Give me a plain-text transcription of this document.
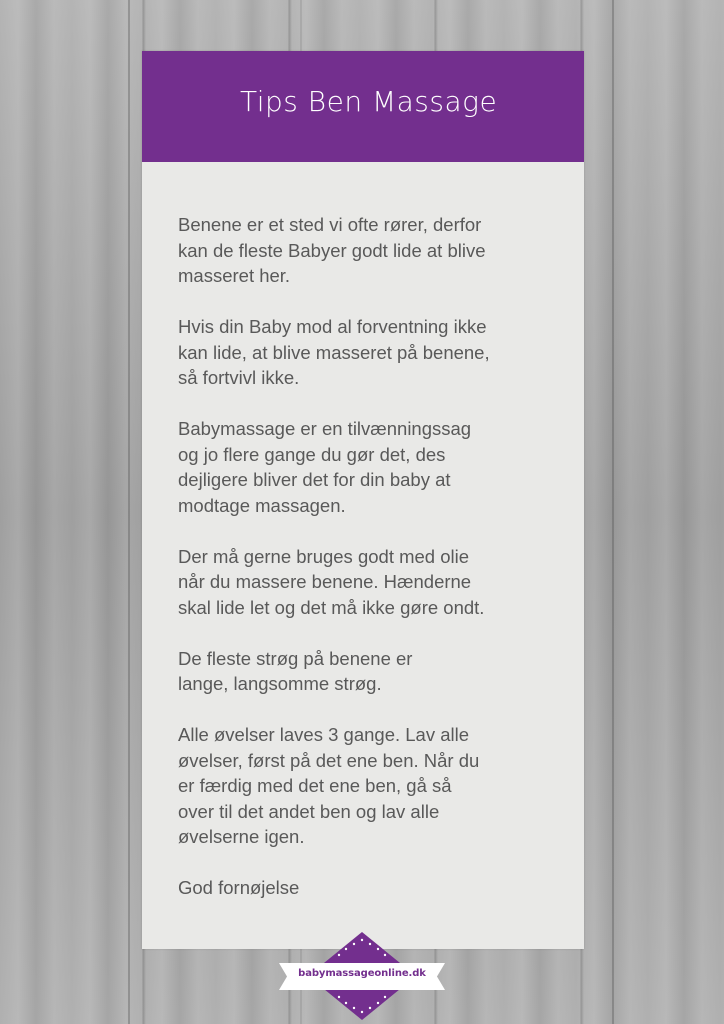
Tips Ben Massage

Benene er et sted vi ofte rører, derfor
kan de fleste Babyer godt lide at blive
masseret her.

Hvis din Baby mod al forventning ikke
kan lide, at blive masseret på benene,
så fortvivl ikke.

Babymassage er en tilvænningssag
og jo flere gange du gør det, des
dejligere bliver det for din baby at
modtage massagen.

Der må gerne bruges godt med olie
når du massere benene. Hænderne
skal lide let og det må ikke gøre ondt.

De fleste strøg på benene er
lange, langsomme strøg.

Alle øvelser laves 3 gange. Lav alle
øvelser, først på det ene ben. Når du
er færdig med det ene ben, gå så
over til det andet ben og lav alle
øvelserne igen.

God fornøjelse

babymassageonline.dk
